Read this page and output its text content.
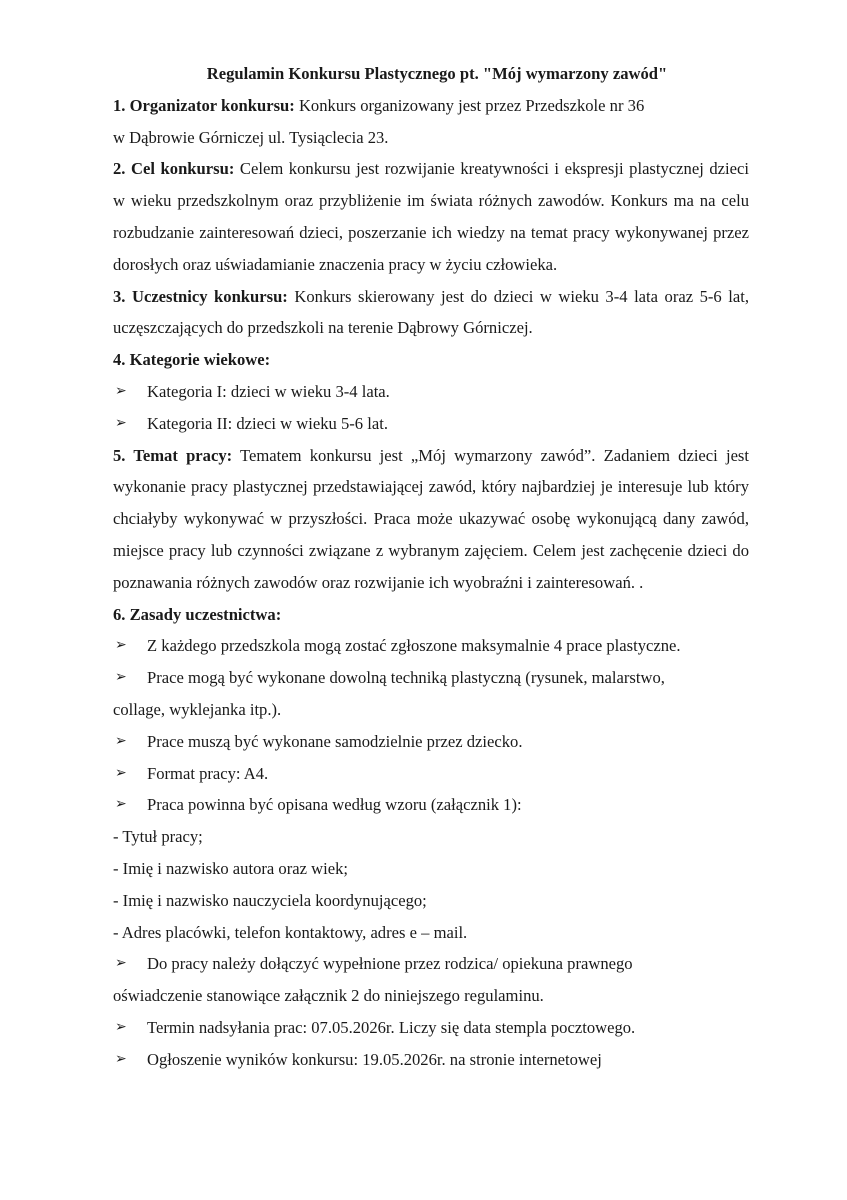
Regulamin Konkursu Plastycznego pt. "Mój wymarzony zawód"

1. Organizator konkursu: Konkurs organizowany jest przez Przedszkole nr 36

w Dąbrowie Górniczej ul. Tysiąclecia 23.

2. Cel konkursu: Celem konkursu jest rozwijanie kreatywności i ekspresji plastycznej dzieci w wieku przedszkolnym oraz przybliżenie im świata różnych zawodów. Konkurs ma na celu rozbudzanie zainteresowań dzieci, poszerzanie ich wiedzy na temat pracy wykonywanej przez dorosłych oraz uświadamianie znaczenia pracy w życiu człowieka.

3. Uczestnicy konkursu: Konkurs skierowany jest do dzieci w wieku 3-4 lata oraz 5-6 lat, uczęszczających do przedszkoli na terenie Dąbrowy Górniczej.

4. Kategorie wiekowe:

➢ Kategoria I: dzieci w wieku 3-4 lata.

➢ Kategoria II: dzieci w wieku 5-6 lat.

5. Temat pracy: Tematem konkursu jest „Mój wymarzony zawód”. Zadaniem dzieci jest wykonanie pracy plastycznej przedstawiającej zawód, który najbardziej je interesuje lub który chciałyby wykonywać w przyszłości. Praca może ukazywać osobę wykonującą dany zawód, miejsce pracy lub czynności związane z wybranym zajęciem. Celem jest zachęcenie dzieci do poznawania różnych zawodów oraz rozwijanie ich wyobraźni i zainteresowań. .

6. Zasady uczestnictwa:

➢ Z każdego przedszkola mogą zostać zgłoszone maksymalnie 4 prace plastyczne.

➢ Prace mogą być wykonane dowolną techniką plastyczną (rysunek, malarstwo,

collage, wyklejanka itp.).

➢ Prace muszą być wykonane samodzielnie przez dziecko.

➢ Format pracy: A4.

➢ Praca powinna być opisana według wzoru (załącznik 1):

- Tytuł pracy;

- Imię i nazwisko autora oraz wiek;

- Imię i nazwisko nauczyciela koordynującego;

- Adres placówki, telefon kontaktowy, adres e – mail.

➢ Do pracy należy dołączyć wypełnione przez rodzica/ opiekuna prawnego

oświadczenie stanowiące załącznik 2 do niniejszego regulaminu.

➢ Termin nadsyłania prac: 07.05.2026r. Liczy się data stempla pocztowego.

➢ Ogłoszenie wyników konkursu: 19.05.2026r. na stronie internetowej
